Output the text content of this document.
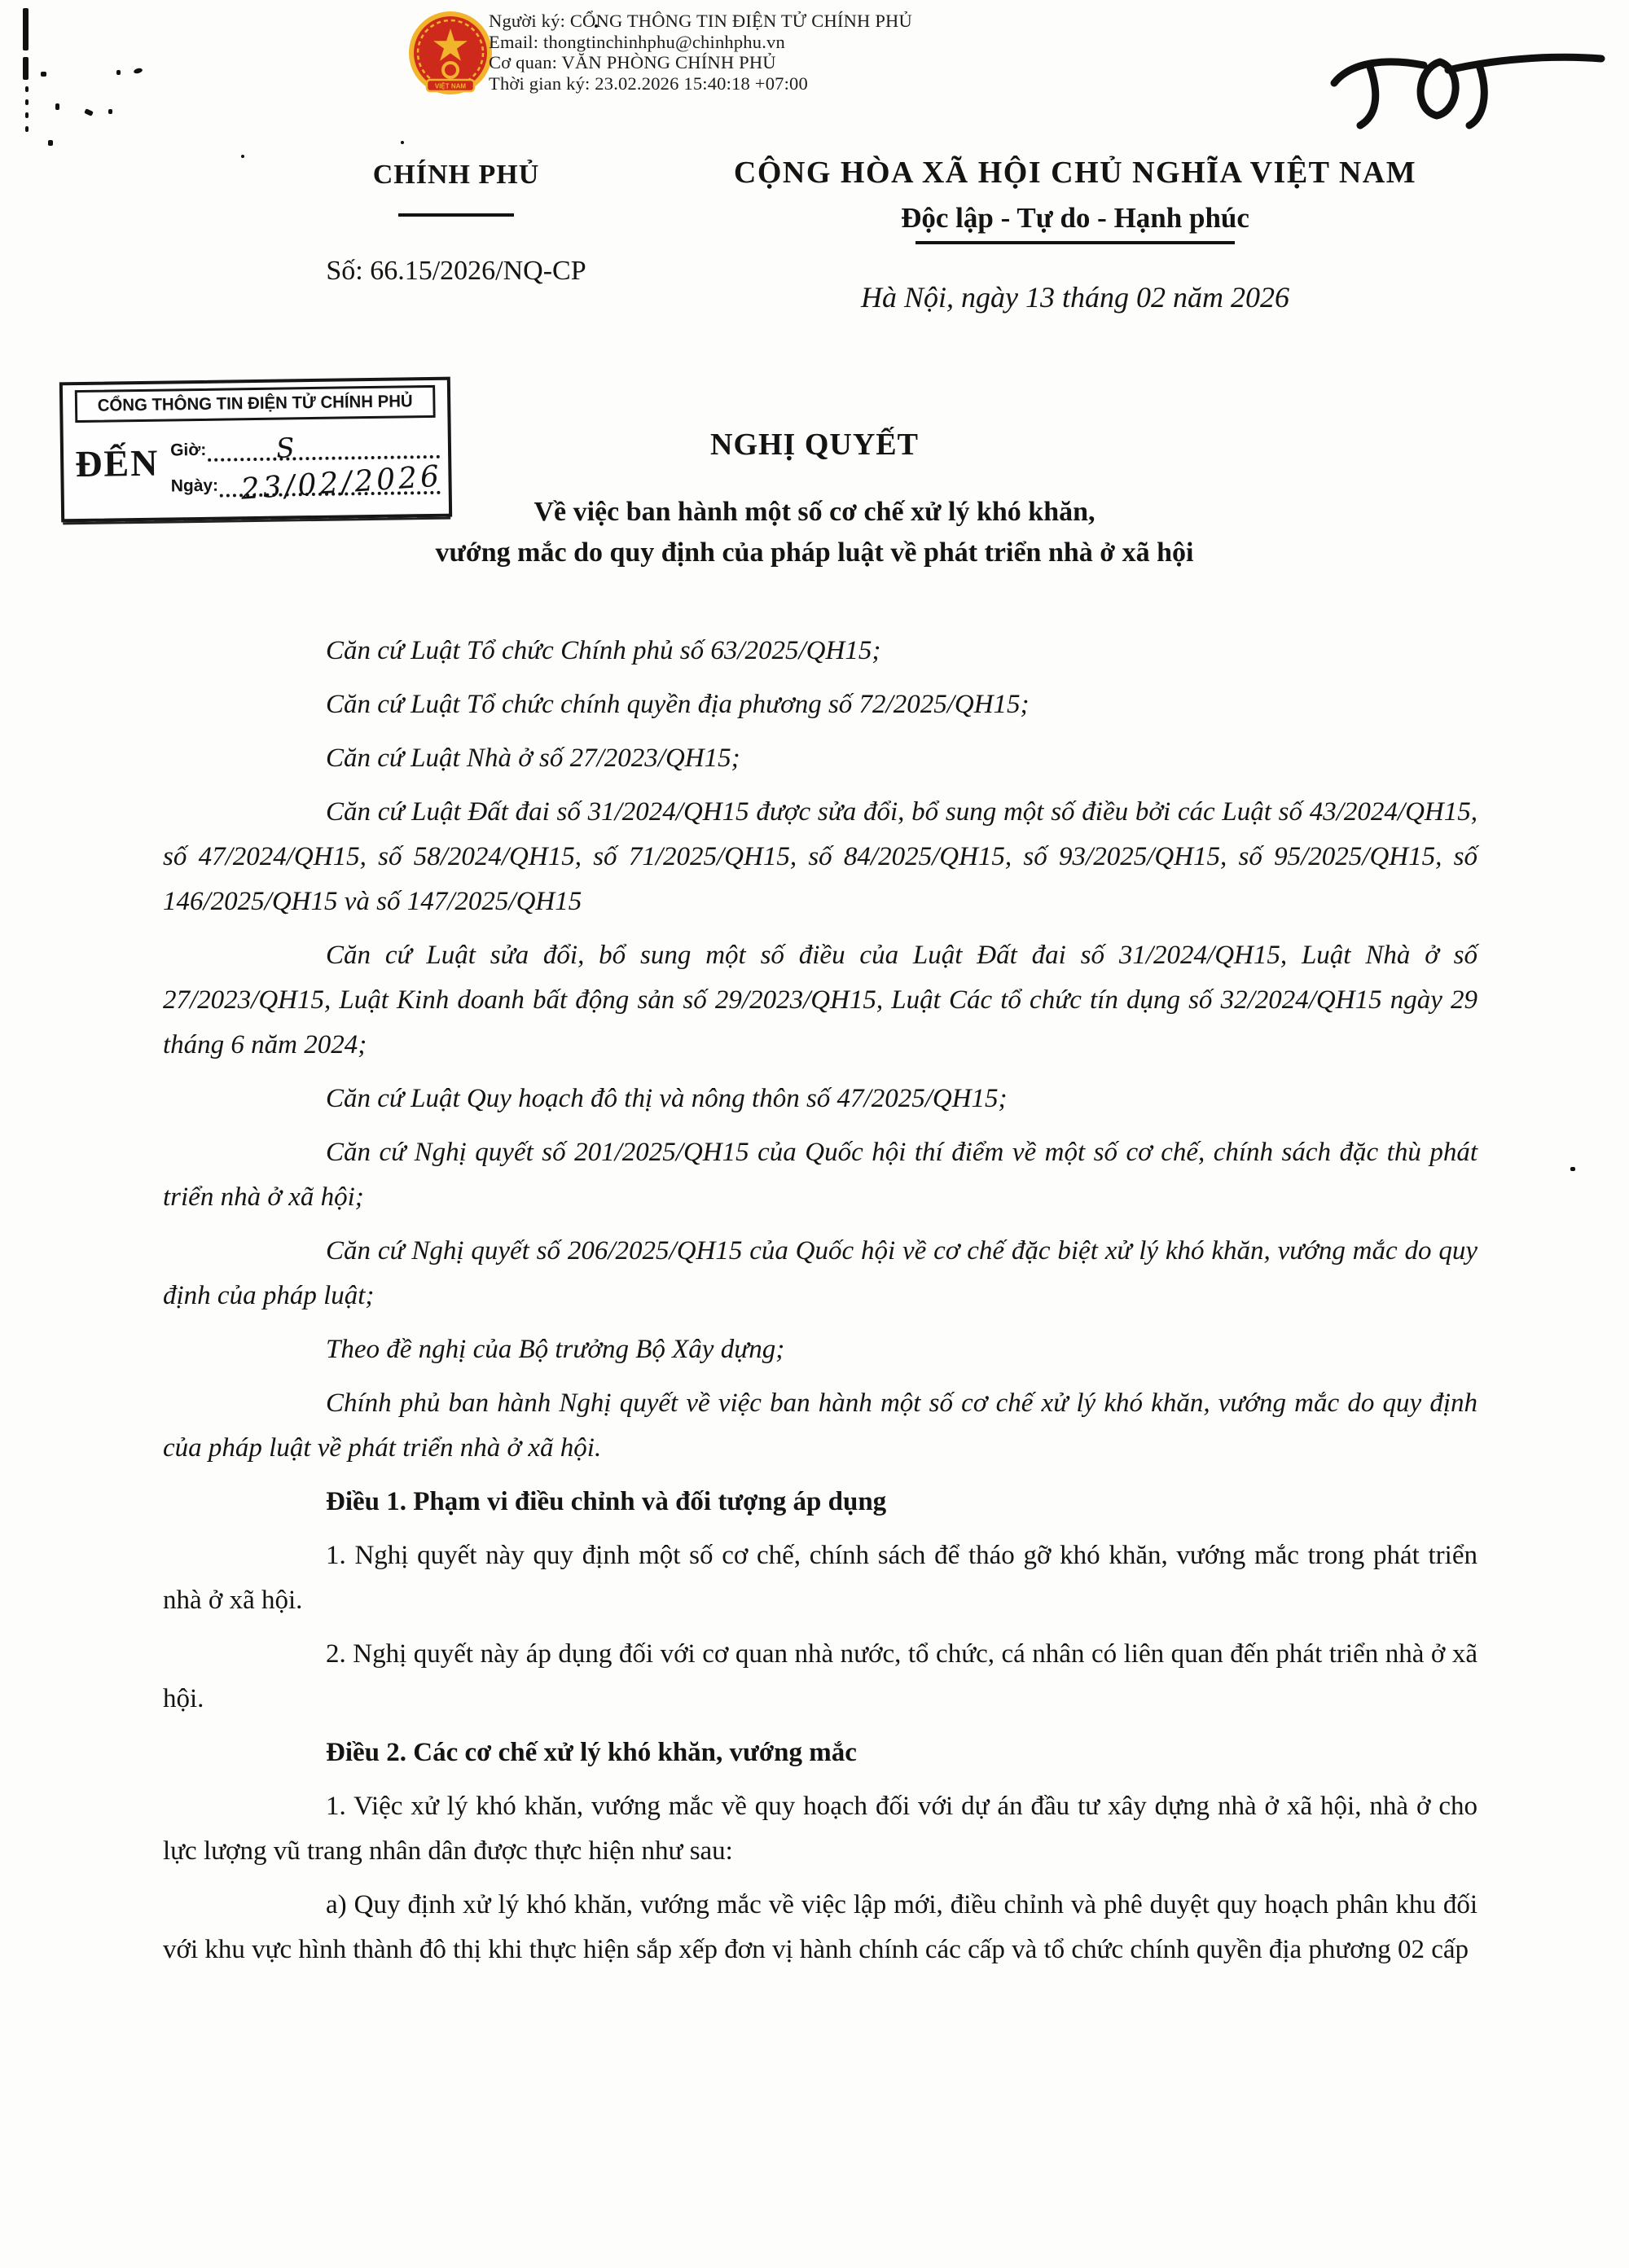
VIỆT NAM
Người ký: CỔNG THÔNG TIN ĐIỆN TỬ CHÍNH PHỦ
Email: thongtinchinhphu@chinhphu.vn
Cơ quan: VĂN PHÒNG CHÍNH PHỦ
Thời gian ký: 23.02.2026 15:40:18 +07:00
CHÍNH PHỦ
Số: 66.15/2026/NQ-CP
CỘNG HÒA XÃ HỘI CHỦ NGHĨA VIỆT NAM
Độc lập - Tự do - Hạnh phúc
Hà Nội, ngày 13 tháng 02 năm 2026
CỔNG THÔNG TIN ĐIỆN TỬ CHÍNH PHỦ
ĐẾN Giờ:	S
Ngày: 23/02/2026
NGHỊ QUYẾT
Về việc ban hành một số cơ chế xử lý khó khăn,
vướng mắc do quy định của pháp luật về phát triển nhà ở xã hội

Căn cứ Luật Tổ chức Chính phủ số 63/2025/QH15;

Căn cứ Luật Tổ chức chính quyền địa phương số 72/2025/QH15;

Căn cứ Luật Nhà ở số 27/2023/QH15;

Căn cứ Luật Đất đai số 31/2024/QH15 được sửa đổi, bổ sung một số điều bởi các Luật số 43/2024/QH15, số 47/2024/QH15, số 58/2024/QH15, số 71/2025/QH15, số 84/2025/QH15, số 93/2025/QH15, số 95/2025/QH15, số 146/2025/QH15 và số 147/2025/QH15

Căn cứ Luật sửa đổi, bổ sung một số điều của Luật Đất đai số 31/2024/QH15, Luật Nhà ở số 27/2023/QH15, Luật Kinh doanh bất động sản số 29/2023/QH15, Luật Các tổ chức tín dụng số 32/2024/QH15 ngày 29 tháng 6 năm 2024;

Căn cứ Luật Quy hoạch đô thị và nông thôn số 47/2025/QH15;

Căn cứ Nghị quyết số 201/2025/QH15 của Quốc hội thí điểm về một số cơ chế, chính sách đặc thù phát triển nhà ở xã hội;

Căn cứ Nghị quyết số 206/2025/QH15 của Quốc hội về cơ chế đặc biệt xử lý khó khăn, vướng mắc do quy định của pháp luật;

Theo đề nghị của Bộ trưởng Bộ Xây dựng;

Chính phủ ban hành Nghị quyết về việc ban hành một số cơ chế xử lý khó khăn, vướng mắc do quy định của pháp luật về phát triển nhà ở xã hội.

Điều 1. Phạm vi điều chỉnh và đối tượng áp dụng

1. Nghị quyết này quy định một số cơ chế, chính sách để tháo gỡ khó khăn, vướng mắc trong phát triển nhà ở xã hội.

2. Nghị quyết này áp dụng đối với cơ quan nhà nước, tổ chức, cá nhân có liên quan đến phát triển nhà ở xã hội.

Điều 2. Các cơ chế xử lý khó khăn, vướng mắc

1. Việc xử lý khó khăn, vướng mắc về quy hoạch đối với dự án đầu tư xây dựng nhà ở xã hội, nhà ở cho lực lượng vũ trang nhân dân được thực hiện như sau:

a) Quy định xử lý khó khăn, vướng mắc về việc lập mới, điều chỉnh và phê duyệt quy hoạch phân khu đối với khu vực hình thành đô thị khi thực hiện sắp xếp đơn vị hành chính các cấp và tổ chức chính quyền địa phương 02 cấp
